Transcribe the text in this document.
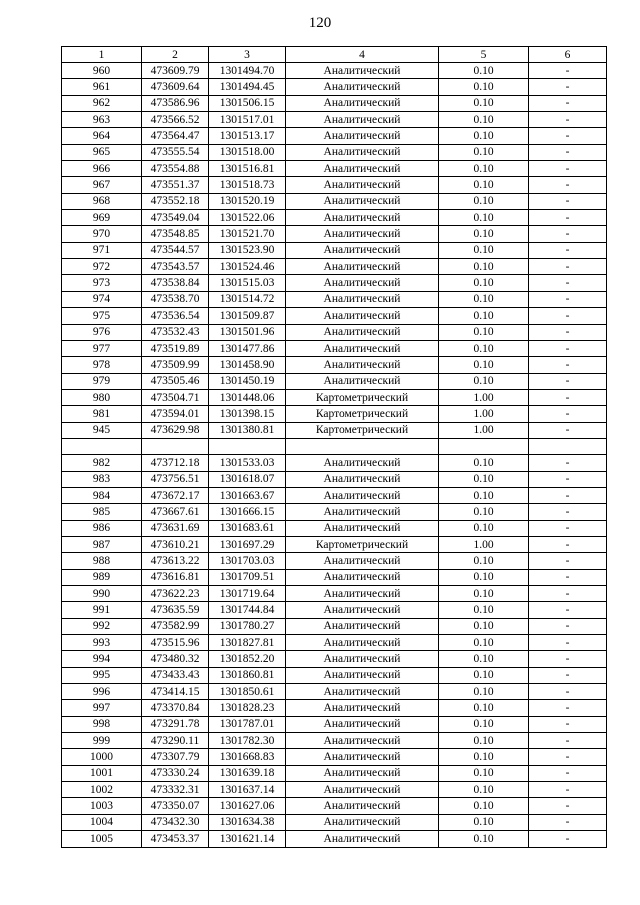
120
1	2	3	4	5	6
960	473609.79	1301494.70	Аналитический	0.10	-
961	473609.64	1301494.45	Аналитический	0.10	-
962	473586.96	1301506.15	Аналитический	0.10	-
963	473566.52	1301517.01	Аналитический	0.10	-
964	473564.47	1301513.17	Аналитический	0.10	-
965	473555.54	1301518.00	Аналитический	0.10	-
966	473554.88	1301516.81	Аналитический	0.10	-
967	473551.37	1301518.73	Аналитический	0.10	-
968	473552.18	1301520.19	Аналитический	0.10	-
969	473549.04	1301522.06	Аналитический	0.10	-
970	473548.85	1301521.70	Аналитический	0.10	-
971	473544.57	1301523.90	Аналитический	0.10	-
972	473543.57	1301524.46	Аналитический	0.10	-
973	473538.84	1301515.03	Аналитический	0.10	-
974	473538.70	1301514.72	Аналитический	0.10	-
975	473536.54	1301509.87	Аналитический	0.10	-
976	473532.43	1301501.96	Аналитический	0.10	-
977	473519.89	1301477.86	Аналитический	0.10	-
978	473509.99	1301458.90	Аналитический	0.10	-
979	473505.46	1301450.19	Аналитический	0.10	-
980	473504.71	1301448.06	Картометрический	1.00	-
981	473594.01	1301398.15	Картометрический	1.00	-
945	473629.98	1301380.81	Картометрический	1.00	-

982	473712.18	1301533.03	Аналитический	0.10	-
983	473756.51	1301618.07	Аналитический	0.10	-
984	473672.17	1301663.67	Аналитический	0.10	-
985	473667.61	1301666.15	Аналитический	0.10	-
986	473631.69	1301683.61	Аналитический	0.10	-
987	473610.21	1301697.29	Картометрический	1.00	-
988	473613.22	1301703.03	Аналитический	0.10	-
989	473616.81	1301709.51	Аналитический	0.10	-
990	473622.23	1301719.64	Аналитический	0.10	-
991	473635.59	1301744.84	Аналитический	0.10	-
992	473582.99	1301780.27	Аналитический	0.10	-
993	473515.96	1301827.81	Аналитический	0.10	-
994	473480.32	1301852.20	Аналитический	0.10	-
995	473433.43	1301860.81	Аналитический	0.10	-
996	473414.15	1301850.61	Аналитический	0.10	-
997	473370.84	1301828.23	Аналитический	0.10	-
998	473291.78	1301787.01	Аналитический	0.10	-
999	473290.11	1301782.30	Аналитический	0.10	-
1000	473307.79	1301668.83	Аналитический	0.10	-
1001	473330.24	1301639.18	Аналитический	0.10	-
1002	473332.31	1301637.14	Аналитический	0.10	-
1003	473350.07	1301627.06	Аналитический	0.10	-
1004	473432.30	1301634.38	Аналитический	0.10	-
1005	473453.37	1301621.14	Аналитический	0.10	-
